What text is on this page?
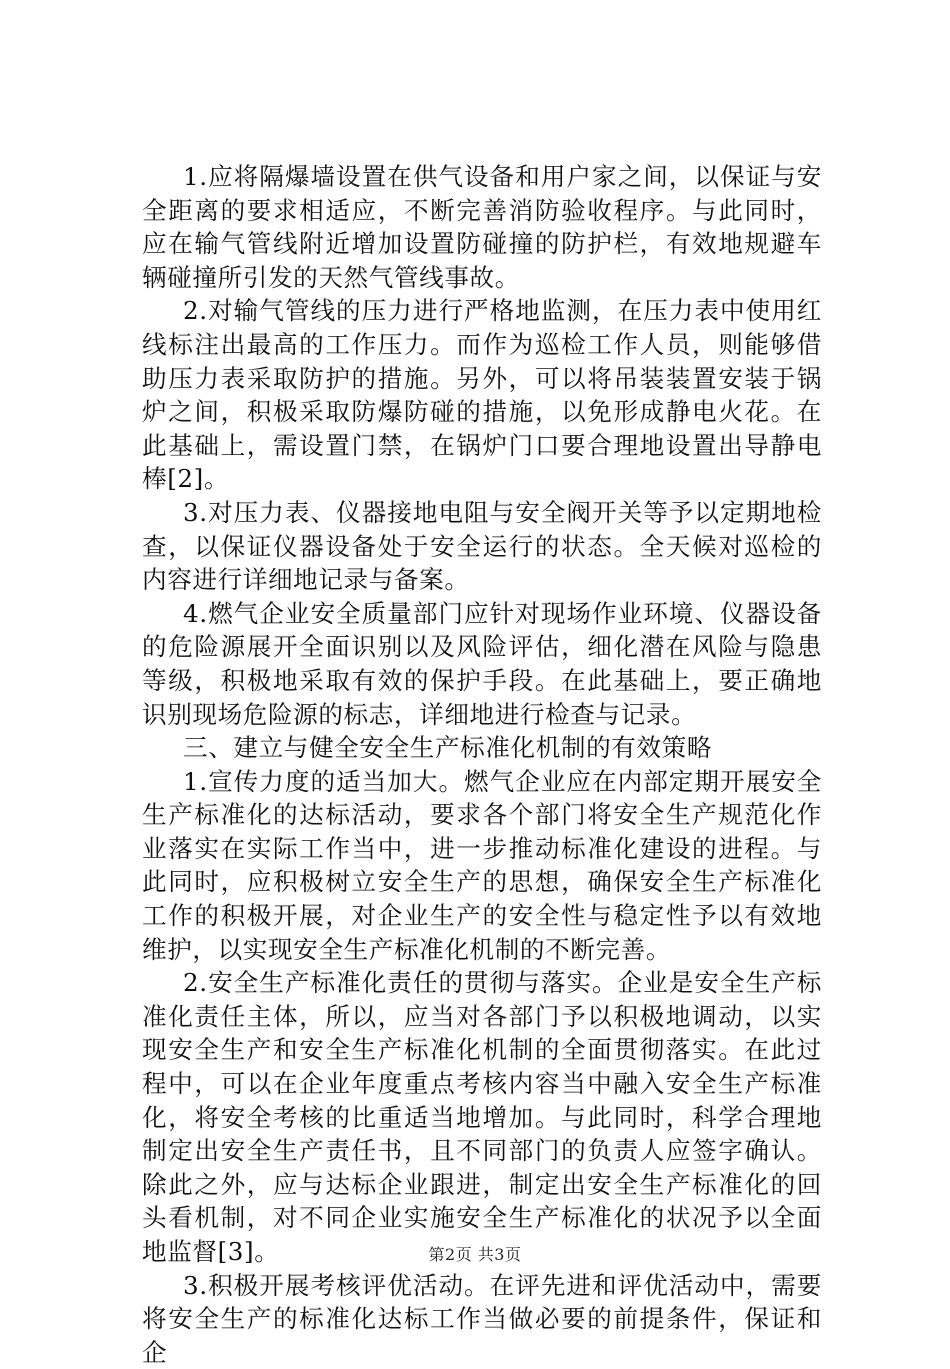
1.应将隔爆墙设置在供气设备和用户家之间，以保证与安全距离的要求相适应，不断完善消防验收程序。与此同时，应在输气管线附近增加设置防碰撞的防护栏，有效地规避车辆碰撞所引发的天然气管线事故。

2.对输气管线的压力进行严格地监测，在压力表中使用红线标注出最高的工作压力。而作为巡检工作人员，则能够借助压力表采取防护的措施。另外，可以将吊装装置安装于锅炉之间，积极采取防爆防碰的措施，以免形成静电火花。在此基础上，需设置门禁，在锅炉门口要合理地设置出导静电棒[2]。

3.对压力表、仪器接地电阻与安全阀开关等予以定期地检查，以保证仪器设备处于安全运行的状态。全天候对巡检的内容进行详细地记录与备案。

4.燃气企业安全质量部门应针对现场作业环境、仪器设备的危险源展开全面识别以及风险评估，细化潜在风险与隐患等级，积极地采取有效的保护手段。在此基础上，要正确地识别现场危险源的标志，详细地进行检查与记录。

三、建立与健全安全生产标准化机制的有效策略

1.宣传力度的适当加大。燃气企业应在内部定期开展安全生产标准化的达标活动，要求各个部门将安全生产规范化作业落实在实际工作当中，进一步推动标准化建设的进程。与此同时，应积极树立安全生产的思想，确保安全生产标准化工作的积极开展，对企业生产的安全性与稳定性予以有效地维护，以实现安全生产标准化机制的不断完善。

2.安全生产标准化责任的贯彻与落实。企业是安全生产标准化责任主体，所以，应当对各部门予以积极地调动，以实现安全生产和安全生产标准化机制的全面贯彻落实。在此过程中，可以在企业年度重点考核内容当中融入安全生产标准化，将安全考核的比重适当地增加。与此同时，科学合理地制定出安全生产责任书，且不同部门的负责人应签字确认。除此之外，应与达标企业跟进，制定出安全生产标准化的回头看机制，对不同企业实施安全生产标准化的状况予以全面地监督[3]。

3.积极开展考核评优活动。在评先进和评优活动中，需要将安全生产的标准化达标工作当做必要的前提条件，保证和企

第2页 共3页
